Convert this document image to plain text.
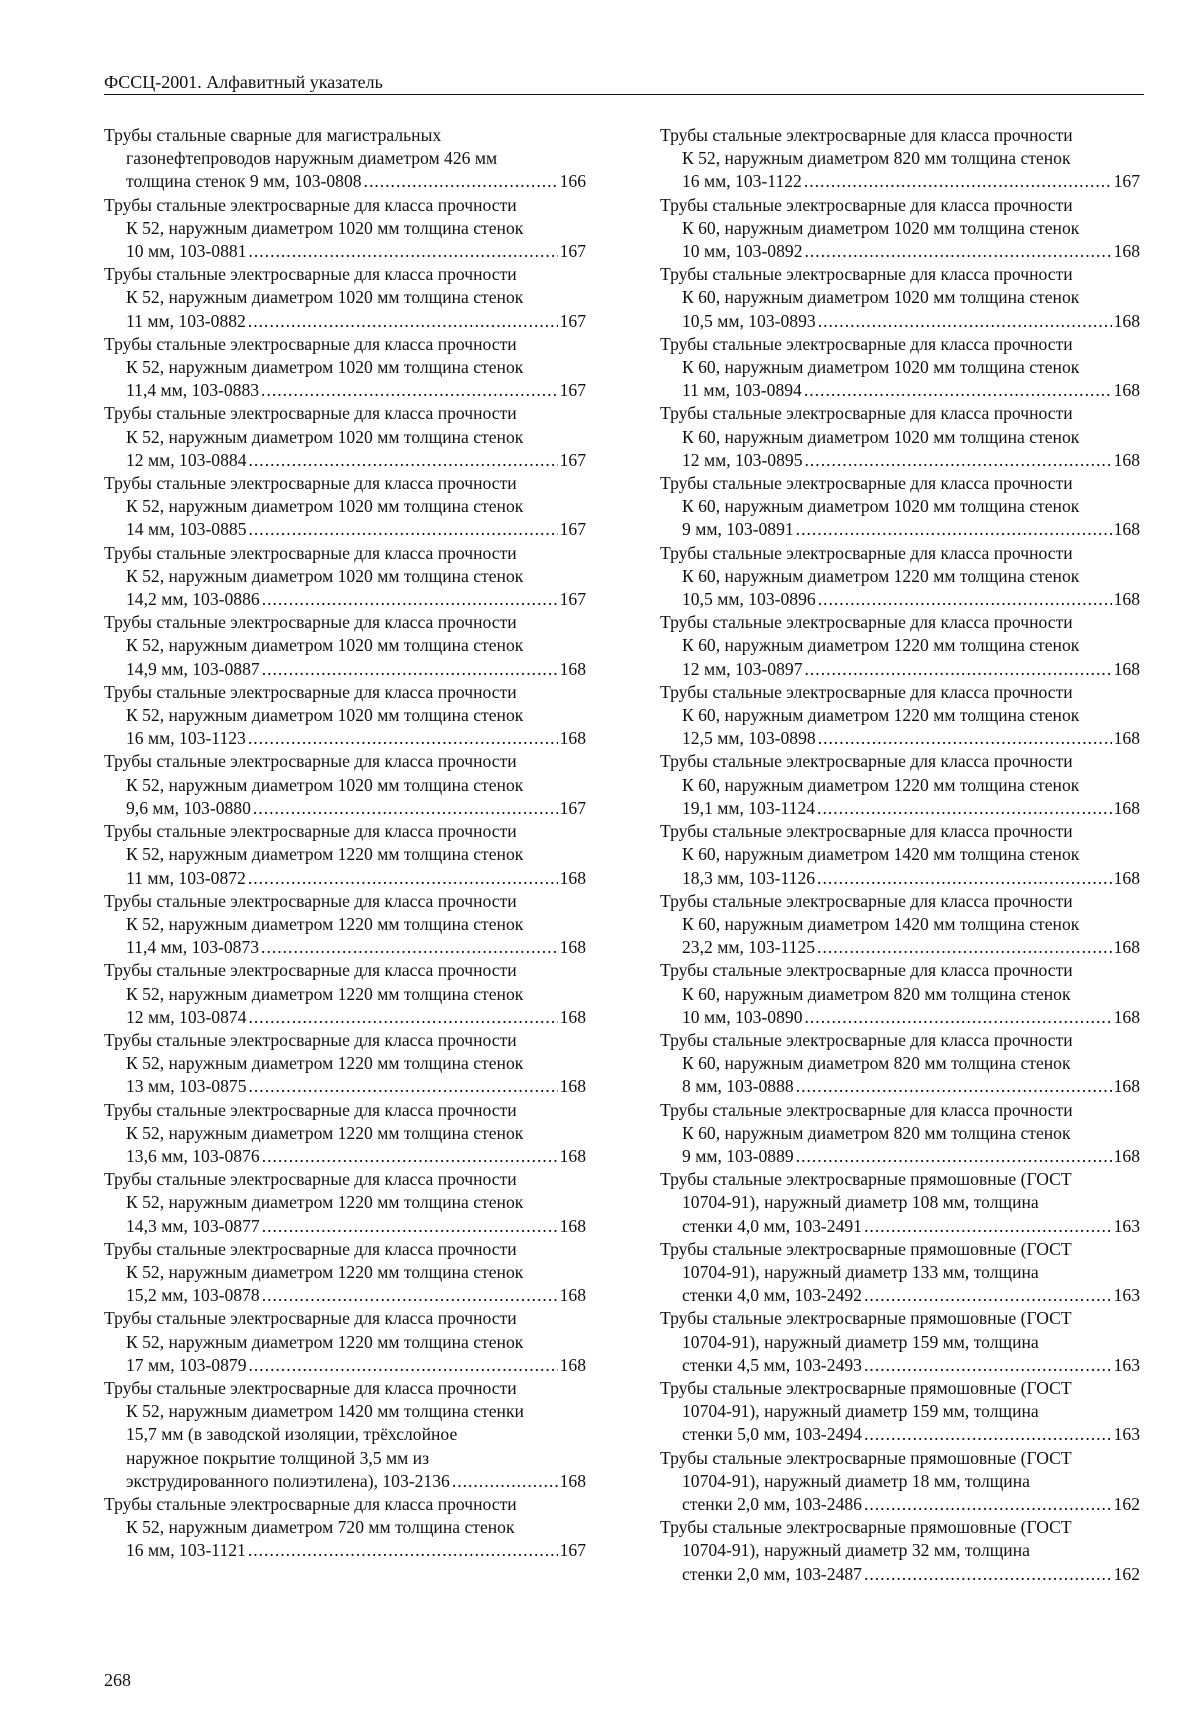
ФССЦ-2001. Алфавитный указатель
Трубы стальные сварные для магистральных
газонефтепроводов наружным диаметром 426 мм
толщина стенок 9 мм, 103-0808 .....	166
Трубы стальные электросварные для класса прочности
К 52, наружным диаметром 1020 мм толщина стенок
10 мм, 103-0881 .....	167
Трубы стальные электросварные для класса прочности
К 52, наружным диаметром 1020 мм толщина стенок
11 мм, 103-0882 .....	167
Трубы стальные электросварные для класса прочности
К 52, наружным диаметром 1020 мм толщина стенок
11,4 мм, 103-0883 .....	167
Трубы стальные электросварные для класса прочности
К 52, наружным диаметром 1020 мм толщина стенок
12 мм, 103-0884 .....	167
Трубы стальные электросварные для класса прочности
К 52, наружным диаметром 1020 мм толщина стенок
14 мм, 103-0885 .....	167
Трубы стальные электросварные для класса прочности
К 52, наружным диаметром 1020 мм толщина стенок
14,2 мм, 103-0886 .....	167
Трубы стальные электросварные для класса прочности
К 52, наружным диаметром 1020 мм толщина стенок
14,9 мм, 103-0887 .....	168
Трубы стальные электросварные для класса прочности
К 52, наружным диаметром 1020 мм толщина стенок
16 мм, 103-1123 .....	168
Трубы стальные электросварные для класса прочности
К 52, наружным диаметром 1020 мм толщина стенок
9,6 мм, 103-0880 .....	167
Трубы стальные электросварные для класса прочности
К 52, наружным диаметром 1220 мм толщина стенок
11 мм, 103-0872 .....	168
Трубы стальные электросварные для класса прочности
К 52, наружным диаметром 1220 мм толщина стенок
11,4 мм, 103-0873 .....	168
Трубы стальные электросварные для класса прочности
К 52, наружным диаметром 1220 мм толщина стенок
12 мм, 103-0874 .....	168
Трубы стальные электросварные для класса прочности
К 52, наружным диаметром 1220 мм толщина стенок
13 мм, 103-0875 .....	168
Трубы стальные электросварные для класса прочности
К 52, наружным диаметром 1220 мм толщина стенок
13,6 мм, 103-0876 .....	168
Трубы стальные электросварные для класса прочности
К 52, наружным диаметром 1220 мм толщина стенок
14,3 мм, 103-0877 .....	168
Трубы стальные электросварные для класса прочности
К 52, наружным диаметром 1220 мм толщина стенок
15,2 мм, 103-0878 .....	168
Трубы стальные электросварные для класса прочности
К 52, наружным диаметром 1220 мм толщина стенок
17 мм, 103-0879 .....	168
Трубы стальные электросварные для класса прочности
К 52, наружным диаметром 1420 мм толщина стенки
15,7 мм (в заводской изоляции, трёхслойное
наружное покрытие толщиной 3,5 мм из
экструдированного полиэтилена), 103-2136 .....	168
Трубы стальные электросварные для класса прочности
К 52, наружным диаметром 720 мм толщина стенок
16 мм, 103-1121 .....	167
Трубы стальные электросварные для класса прочности
К 52, наружным диаметром 820 мм толщина стенок
16 мм, 103-1122 .....	167
Трубы стальные электросварные для класса прочности
К 60, наружным диаметром 1020 мм толщина стенок
10 мм, 103-0892 .....	168
Трубы стальные электросварные для класса прочности
К 60, наружным диаметром 1020 мм толщина стенок
10,5 мм, 103-0893 .....	168
Трубы стальные электросварные для класса прочности
К 60, наружным диаметром 1020 мм толщина стенок
11 мм, 103-0894 .....	168
Трубы стальные электросварные для класса прочности
К 60, наружным диаметром 1020 мм толщина стенок
12 мм, 103-0895 .....	168
Трубы стальные электросварные для класса прочности
К 60, наружным диаметром 1020 мм толщина стенок
9 мм, 103-0891 .....	168
Трубы стальные электросварные для класса прочности
К 60, наружным диаметром 1220 мм толщина стенок
10,5 мм, 103-0896 .....	168
Трубы стальные электросварные для класса прочности
К 60, наружным диаметром 1220 мм толщина стенок
12 мм, 103-0897 .....	168
Трубы стальные электросварные для класса прочности
К 60, наружным диаметром 1220 мм толщина стенок
12,5 мм, 103-0898 .....	168
Трубы стальные электросварные для класса прочности
К 60, наружным диаметром 1220 мм толщина стенок
19,1 мм, 103-1124 .....	168
Трубы стальные электросварные для класса прочности
К 60, наружным диаметром 1420 мм толщина стенок
18,3 мм, 103-1126 .....	168
Трубы стальные электросварные для класса прочности
К 60, наружным диаметром 1420 мм толщина стенок
23,2 мм, 103-1125 .....	168
Трубы стальные электросварные для класса прочности
К 60, наружным диаметром 820 мм толщина стенок
10 мм, 103-0890 .....	168
Трубы стальные электросварные для класса прочности
К 60, наружным диаметром 820 мм толщина стенок
8 мм, 103-0888 .....	168
Трубы стальные электросварные для класса прочности
К 60, наружным диаметром 820 мм толщина стенок
9 мм, 103-0889 .....	168
Трубы стальные электросварные прямошовные (ГОСТ
10704-91), наружный диаметр 108 мм, толщина
стенки 4,0 мм, 103-2491 .....	163
Трубы стальные электросварные прямошовные (ГОСТ
10704-91), наружный диаметр 133 мм, толщина
стенки 4,0 мм, 103-2492 .....	163
Трубы стальные электросварные прямошовные (ГОСТ
10704-91), наружный диаметр 159 мм, толщина
стенки 4,5 мм, 103-2493 .....	163
Трубы стальные электросварные прямошовные (ГОСТ
10704-91), наружный диаметр 159 мм, толщина
стенки 5,0 мм, 103-2494 .....	163
Трубы стальные электросварные прямошовные (ГОСТ
10704-91), наружный диаметр 18 мм, толщина
стенки 2,0 мм, 103-2486 .....	162
Трубы стальные электросварные прямошовные (ГОСТ
10704-91), наружный диаметр 32 мм, толщина
стенки 2,0 мм, 103-2487 .....	162
268
